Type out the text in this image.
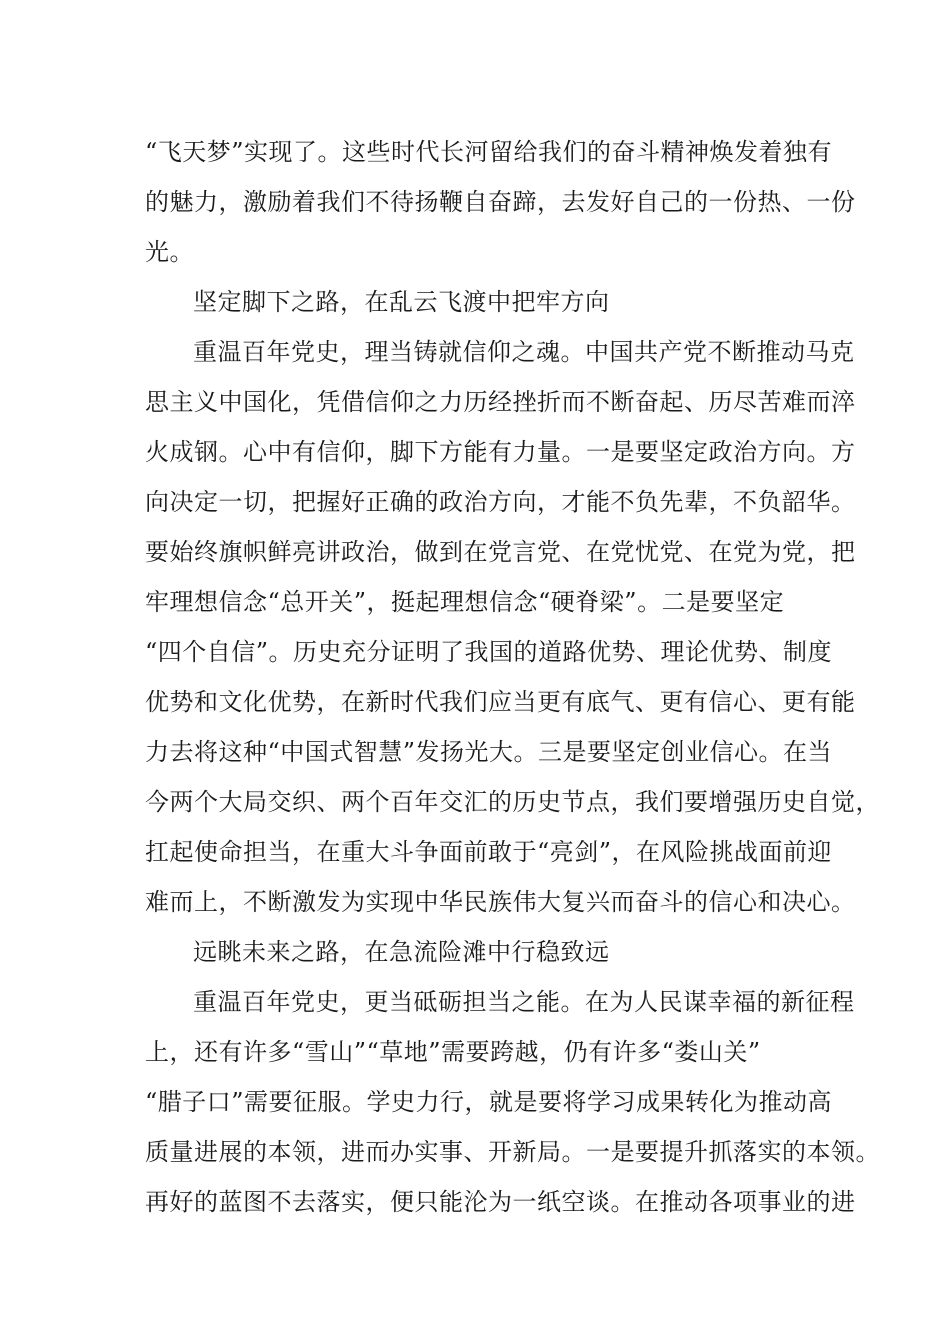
“飞天梦”实现了。这些时代长河留给我们的奋斗精神焕发着独有
的魅力，激励着我们不待扬鞭自奋蹄，去发好自己的一份热、一份
光。
坚定脚下之路，在乱云飞渡中把牢方向
重温百年党史，理当铸就信仰之魂。中国共产党不断推动马克
思主义中国化，凭借信仰之力历经挫折而不断奋起、历尽苦难而淬
火成钢。心中有信仰，脚下方能有力量。一是要坚定政治方向。方
向决定一切，把握好正确的政治方向，才能不负先辈，不负韶华。
要始终旗帜鲜亮讲政治，做到在党言党、在党忧党、在党为党，把
牢理想信念“总开关”，挺起理想信念“硬脊梁”。二是要坚定
“四个自信”。历史充分证明了我国的道路优势、理论优势、制度
优势和文化优势，在新时代我们应当更有底气、更有信心、更有能
力去将这种“中国式智慧”发扬光大。三是要坚定创业信心。在当
今两个大局交织、两个百年交汇的历史节点，我们要增强历史自觉，
扛起使命担当，在重大斗争面前敢于“亮剑”，在风险挑战面前迎
难而上，不断激发为实现中华民族伟大复兴而奋斗的信心和决心。
远眺未来之路，在急流险滩中行稳致远
重温百年党史，更当砥砺担当之能。在为人民谋幸福的新征程
上，还有许多“雪山”“草地”需要跨越，仍有许多“娄山关”
“腊子口”需要征服。学史力行，就是要将学习成果转化为推动高
质量进展的本领，进而办实事、开新局。一是要提升抓落实的本领。
再好的蓝图不去落实，便只能沦为一纸空谈。在推动各项事业的进
